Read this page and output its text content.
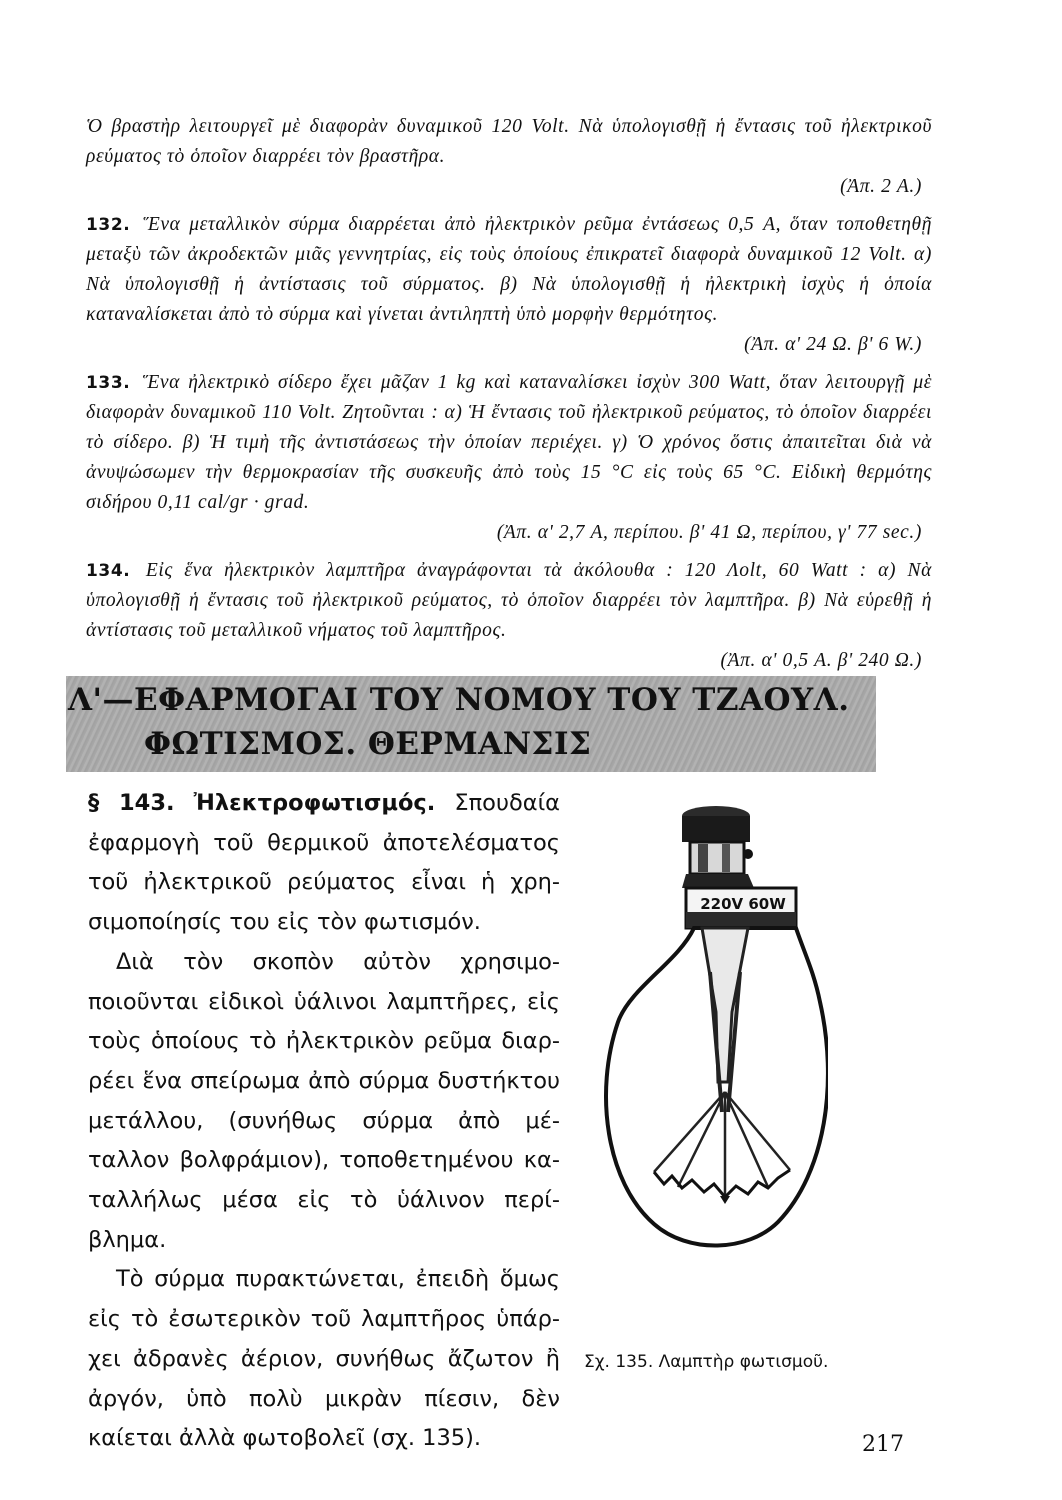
Ὁ βραστὴρ λειτουργεῖ μὲ διαφορὰν δυναμικοῦ 120 Volt. Νὰ ὑπολογισθῇ ἡ ἔντασις τοῦ ἠλεκτρικοῦ ρεύματος τὸ ὁποῖον διαρρέει τὸν βραστῆρα.
(Ἀπ. 2 A.)

132. Ἕνα μεταλλικὸν σύρμα διαρρέεται ἀπὸ ἠλεκτρικὸν ρεῦμα ἐντάσεως 0,5 A, ὅταν τοποθετηθῇ μεταξὺ τῶν ἀκροδεκτῶν μιᾶς γεννητρίας, εἰς τοὺς ὁποίους ἐπικρατεῖ διαφορὰ δυναμικοῦ 12 Volt. α) Νὰ ὑπολογισθῇ ἡ ἀντίστασις τοῦ σύρματος. β) Νὰ ὑπολογισθῇ ἡ ἠλεκτρικὴ ἰσχὺς ἡ ὁποία καταναλίσκεται ἀπὸ τὸ σύρμα καὶ γίνεται ἀντιληπτὴ ὑπὸ μορφὴν θερμότητος.
(Ἀπ. α' 24 Ω. β' 6 W.)

133. Ἕνα ἠλεκτρικὸ σίδερο ἔχει μᾶζαν 1 kg καὶ καταναλίσκει ἰσχὺν 300 Watt, ὅταν λειτουργῇ μὲ διαφορὰν δυναμικοῦ 110 Volt. Ζητοῦνται : α) Ἡ ἔντασις τοῦ ἠλεκτρικοῦ ρεύματος, τὸ ὁποῖον διαρρέει τὸ σίδερο. β) Ἡ τιμὴ τῆς ἀντιστάσεως τὴν ὁποίαν περιέχει. γ) Ὁ χρόνος ὅστις ἀπαιτεῖται διὰ νὰ ἀνυψώσωμεν τὴν θερμοκρασίαν τῆς συσκευῆς ἀπὸ τοὺς 15 °C εἰς τοὺς 65 °C. Εἰδικὴ θερμότης σιδήρου 0,11 cal/gr · grad.
(Ἀπ. α' 2,7 A, περίπου. β' 41 Ω, περίπου, γ' 77 sec.)

134. Εἰς ἕνα ἠλεκτρικὸν λαμπτῆρα ἀναγράφονται τὰ ἀκόλουθα : 120 Λolt, 60 Watt : α) Νὰ ὑπολογισθῇ ἡ ἔντασις τοῦ ἠλεκτρικοῦ ρεύματος, τὸ ὁποῖον διαρρέει τὸν λαμπτῆρα. β) Νὰ εὑρεθῇ ἡ ἀντίστασις τοῦ μεταλλικοῦ νήματος τοῦ λαμπτῆρος.
(Ἀπ. α' 0,5 A. β' 240 Ω.)

Λ'—ΕΦΑΡΜΟΓΑΙ ΤΟΥ ΝΟΜΟΥ ΤΟΥ ΤΖΑΟΥΛ.
ΦΩΤΙΣΜΟΣ. ΘΕΡΜΑΝΣΙΣ

§ 143. Ἠλεκτροφωτισμός. Σπουδαία ἐφαρμογὴ τοῦ θερμικοῦ ἀποτελέσματος τοῦ ἠλεκτρικοῦ ρεύματος εἶναι ἡ χρησιμοποίησίς του εἰς τὸν φωτισμόν.

Διὰ τὸν σκοπὸν αὐτὸν χρησιμοποιοῦνται εἰδικοὶ ὑάλινοι λαμπτῆρες, εἰς τοὺς ὁποίους τὸ ἠλεκτρικὸν ρεῦμα διαρρέει ἕνα σπείρωμα ἀπὸ σύρμα δυστήκτου μετάλλου, (συνήθως σύρμα ἀπὸ μέταλλον βολφράμιον), τοποθετημένου καταλλήλως μέσα εἰς τὸ ὑάλινον περίβλημα.

Τὸ σύρμα πυρακτώνεται, ἐπειδὴ ὅμως εἰς τὸ ἐσωτερικὸν τοῦ λαμπτῆρος ὑπάρχει ἀδρανὲς ἀέριον, συνήθως ἄζωτον ἢ ἀργόν, ὑπὸ πολὺ μικρὰν πίεσιν, δὲν καίεται ἀλλὰ φωτοβολεῖ (σχ. 135).

220V 60W
Σχ. 135. Λαμπτὴρ φωτισμοῦ.
217
